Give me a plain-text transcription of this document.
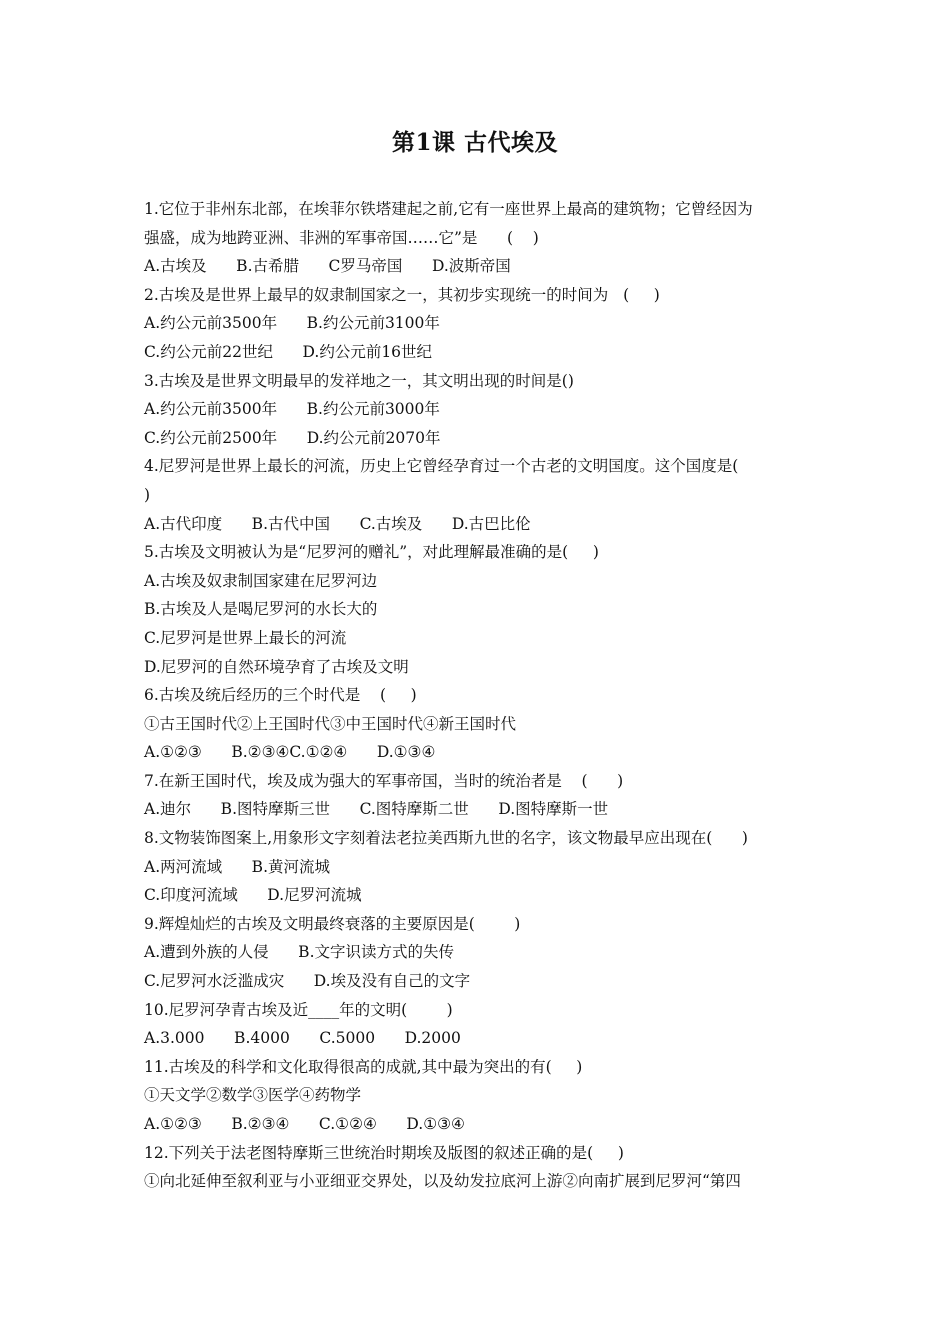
第1课 古代埃及
1.它位于非州东北部，在埃菲尔铁塔建起之前,它有一座世界上最高的建筑物；它曾经因为
强盛，成为地跨亚洲、非洲的军事帝国……它”是      (    )
A.古埃及      B.古希腊      C罗马帝国      D.波斯帝国
2.古埃及是世界上最早的奴隶制国家之一，其初步实现统一的时间为   (     )
A.约公元前3500年      B.约公元前3100年
C.约公元前22世纪      D.约公元前16世纪
3.古埃及是世界文明最早的发祥地之一，其文明出现的时间是()
A.约公元前3500年      B.约公元前3000年
C.约公元前2500年      D.约公元前2070年
4.尼罗河是世界上最长的河流，历史上它曾经孕育过一个古老的文明国度。这个国度是(
)
A.古代印度      B.古代中国      C.古埃及      D.古巴比伦
5.古埃及文明被认为是“尼罗河的赠礼”，对此理解最准确的是(     )
A.古埃及奴隶制国家建在尼罗河边
B.古埃及人是喝尼罗河的水长大的
C.尼罗河是世界上最长的河流
D.尼罗河的自然环境孕育了古埃及文明
6.古埃及统后经历的三个时代是    (     )
①古王国时代②上王国时代③中王国时代④新王国时代
A.①②③      B.②③④C.①②④      D.①③④
7.在新王国时代，埃及成为强大的军事帝国，当时的统治者是    (      )
A.迪尔      B.图特摩斯三世      C.图特摩斯二世      D.图特摩斯一世
8.文物装饰图案上,用象形文字刻着法老拉美西斯九世的名字，该文物最早应出现在(      )
A.两河流域      B.黄河流城
C.印度河流域      D.尼罗河流城
9.辉煌灿烂的古埃及文明最终衰落的主要原因是(        )
A.遭到外族的人侵      B.文字识读方式的失传
C.尼罗河水泛滥成灾      D.埃及没有自己的文字
10.尼罗河孕青古埃及近____年的文明(        )
A.3.000      B.4000      C.5000      D.2000
11.古埃及的科学和文化取得很高的成就,其中最为突出的有(     )
①天文学②数学③医学④药物学
A.①②③      B.②③④      C.①②④      D.①③④
12.下列关于法老图特摩斯三世统治时期埃及版图的叙述正确的是(     )
①向北延伸至叙利亚与小亚细亚交界处，以及幼发拉底河上游②向南扩展到尼罗河“第四
